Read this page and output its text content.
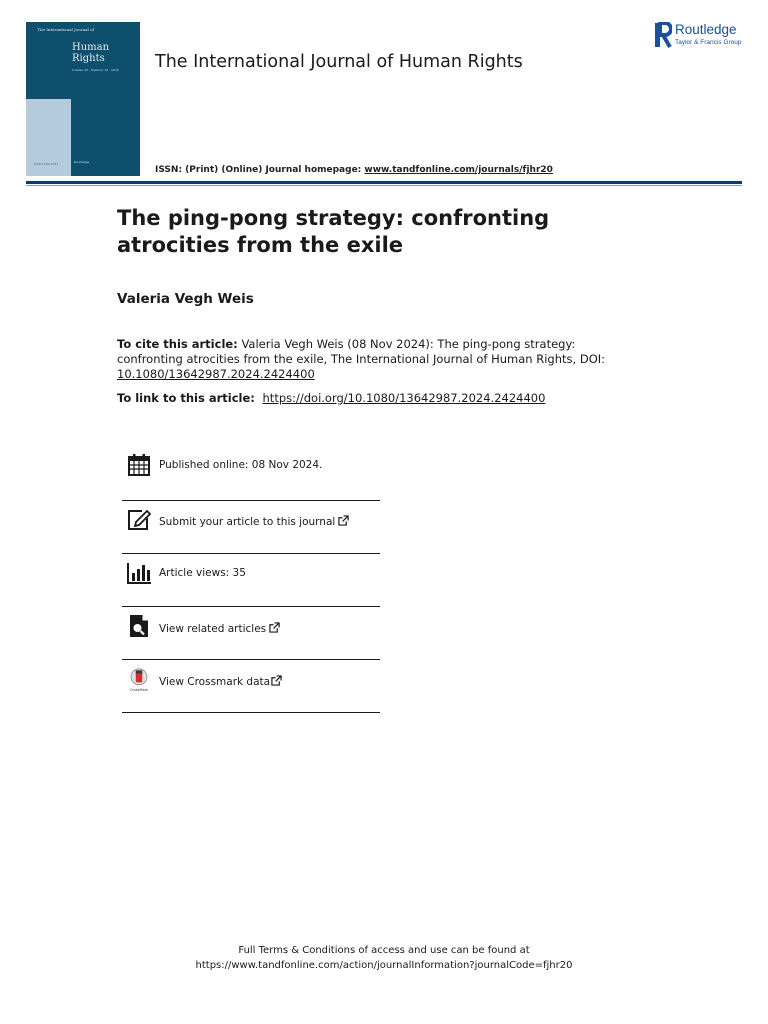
The International Journal of
Human
Rights
Volume 28 · Number 10 · 2024
ISSN 1364-2987	Routledge
The International Journal of Human Rights
ISSN: (Print) (Online) Journal homepage: www.tandfonline.com/journals/fjhr20
Routledge
Taylor & Francis Group
The ping-pong strategy: confronting atrocities from the exile
Valeria Vegh Weis
To cite this article: Valeria Vegh Weis (08 Nov 2024): The ping-pong strategy: confronting atrocities from the exile, The International Journal of Human Rights, DOI: 10.1080/13642987.2024.2424400
To link to this article:  https://doi.org/10.1080/13642987.2024.2424400
Published online: 08 Nov 2024.
Submit your article to this journal
Article views: 35
View related articles
CrossMark
View Crossmark data
Full Terms & Conditions of access and use can be found at
https://www.tandfonline.com/action/journalInformation?journalCode=fjhr20
